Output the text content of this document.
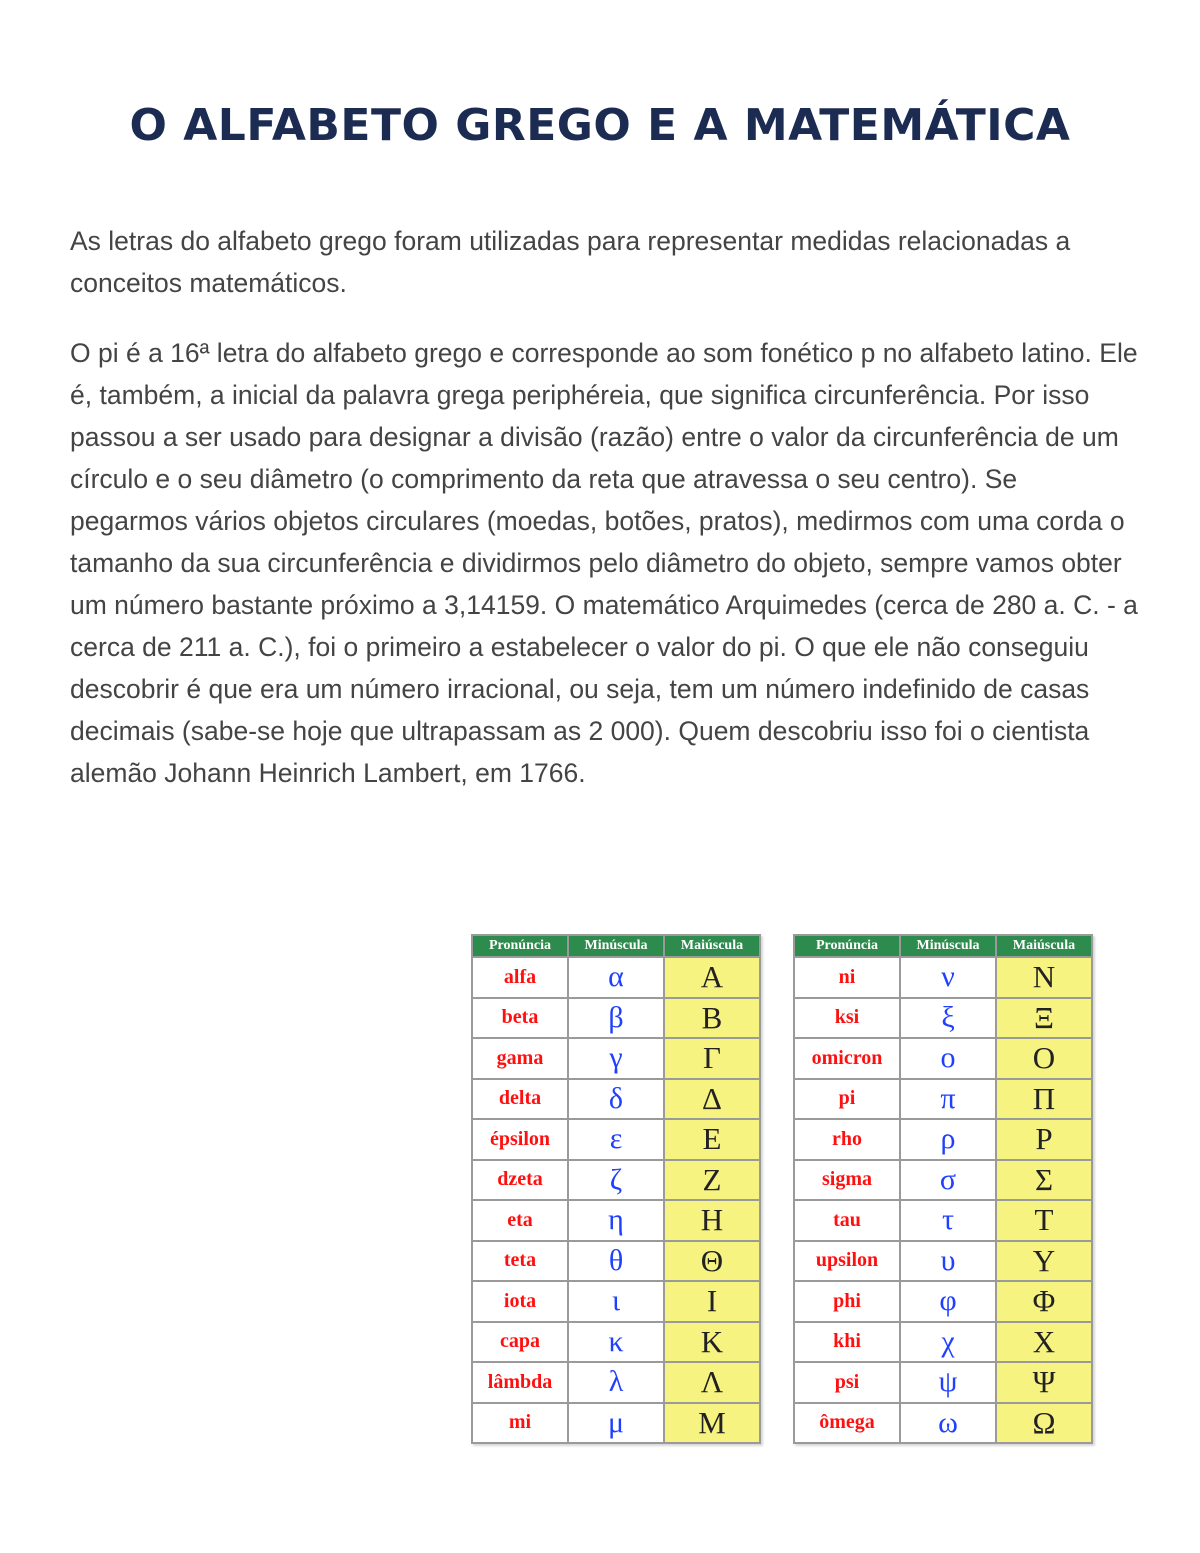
O ALFABETO GREGO E A MATEMÁTICA

As letras do alfabeto grego foram utilizadas para representar medidas relacionadas a conceitos matemáticos.

O pi é a 16ª letra do alfabeto grego e corresponde ao som fonético p no alfabeto latino. Ele é, também, a inicial da palavra grega periphéreia, que significa circunferência. Por isso passou a ser usado para designar a divisão (razão) entre o valor da circunferência de um círculo e o seu diâmetro (o comprimento da reta que atravessa o seu centro). Se pegarmos vários objetos circulares (moedas, botões, pratos), medirmos com uma corda o tamanho da sua circunferência e dividirmos pelo diâmetro do objeto, sempre vamos obter um número bastante próximo a 3,14159. O matemático Arquimedes (cerca de 280 a. C. - a cerca de 211 a. C.), foi o primeiro a estabelecer o valor do pi. O que ele não conseguiu descobrir é que era um número irracional, ou seja, tem um número indefinido de casas decimais (sabe-se hoje que ultrapassam as 2 000). Quem descobriu isso foi o cientista alemão Johann Heinrich Lambert, em 1766.

Pronúncia	Minúscula	Maiúscula
alfa	α	Α
beta	β	Β
gama	γ	Γ
delta	δ	Δ
épsilon	ε	Ε
dzeta	ζ	Ζ
eta	η	Η
teta	θ	Θ
iota	ι	Ι
capa	κ	Κ
lâmbda	λ	Λ
mi	μ	Μ
Pronúncia	Minúscula	Maiúscula
ni	ν	Ν
ksi	ξ	Ξ
omicron	ο	Ο
pi	π	Π
rho	ρ	Ρ
sigma	σ	Σ
tau	τ	Τ
upsilon	υ	Υ
phi	φ	Φ
khi	χ	Χ
psi	ψ	Ψ
ômega	ω	Ω
